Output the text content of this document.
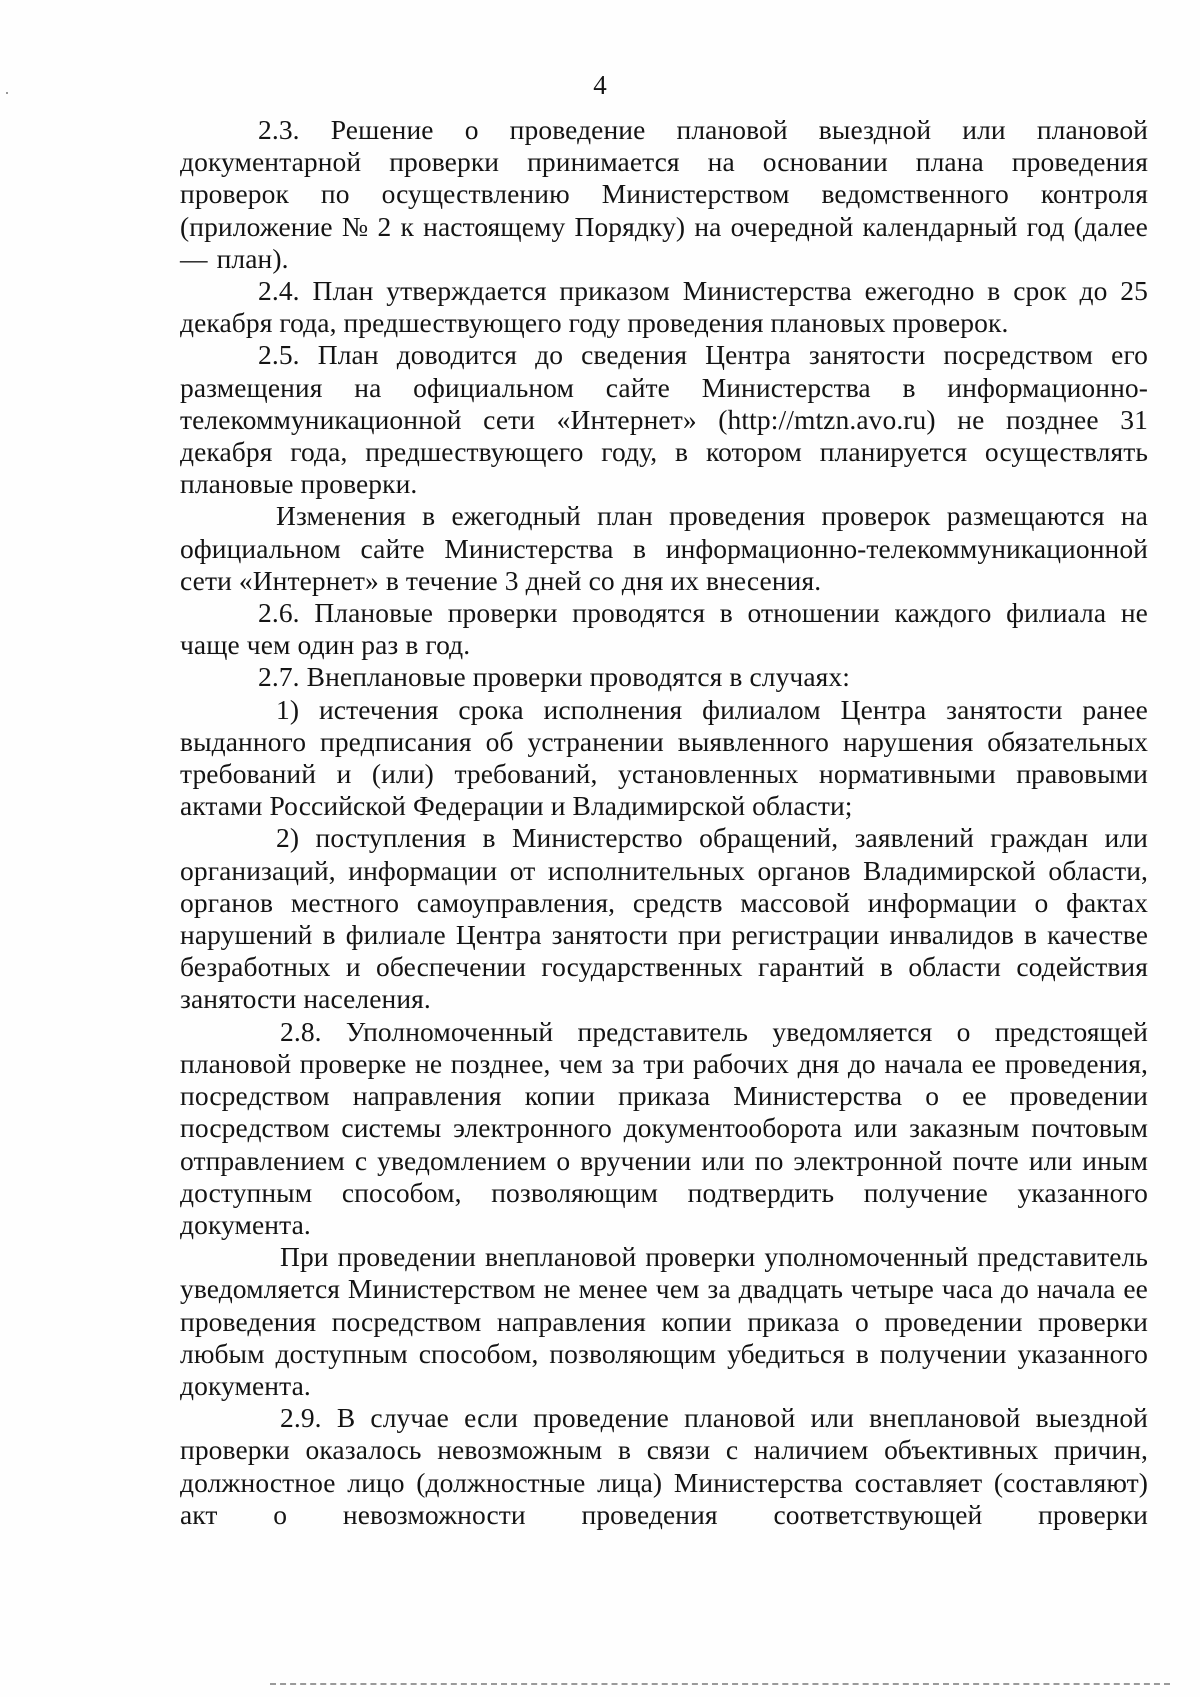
4

2.3. Решение о проведение плановой выездной или плановой документарной проверки принимается на основании плана проведения проверок по осуществлению Министерством ведомственного контроля (приложение № 2 к настоящему Порядку) на очередной календарный год (далее — план).

2.4. План утверждается приказом Министерства ежегодно в срок до 25 декабря года, предшествующего году проведения плановых проверок.

2.5. План доводится до сведения Центра занятости посредством его размещения на официальном сайте Министерства в информационно-телекоммуникационной сети «Интернет» (http://mtzn.avo.ru) не позднее 31 декабря года, предшествующего году, в котором планируется осуществлять плановые проверки.

Изменения в ежегодный план проведения проверок размещаются на официальном сайте Министерства в информационно-телекоммуникационной сети «Интернет» в течение 3 дней со дня их внесения.

2.6. Плановые проверки проводятся в отношении каждого филиала не чаще чем один раз в год.

2.7. Внеплановые проверки проводятся в случаях:

1) истечения срока исполнения филиалом Центра занятости ранее выданного предписания об устранении выявленного нарушения обязательных требований и (или) требований, установленных нормативными правовыми актами Российской Федерации и Владимирской области;

2) поступления в Министерство обращений, заявлений граждан или организаций, информации от исполнительных органов Владимирской области, органов местного самоуправления, средств массовой информации о фактах нарушений в филиале Центра занятости при регистрации инвалидов в качестве безработных и обеспечении государственных гарантий в области содействия занятости населения.

2.8. Уполномоченный представитель уведомляется о предстоящей плановой проверке не позднее, чем за три рабочих дня до начала ее проведения, посредством направления копии приказа Министерства о ее проведении посредством системы электронного документооборота или заказным почтовым отправлением с уведомлением о вручении или по электронной почте или иным доступным способом, позволяющим подтвердить получение указанного документа.

При проведении внеплановой проверки уполномоченный представитель уведомляется Министерством не менее чем за двадцать четыре часа до начала ее проведения посредством направления копии приказа о проведении проверки любым доступным способом, позволяющим убедиться в получении указанного документа.

2.9. В случае если проведение плановой или внеплановой выездной проверки оказалось невозможным в связи с наличием объективных причин, должностное лицо (должностные лица) Министерства составляет (составляют) акт о невозможности проведения соответствующей проверки
